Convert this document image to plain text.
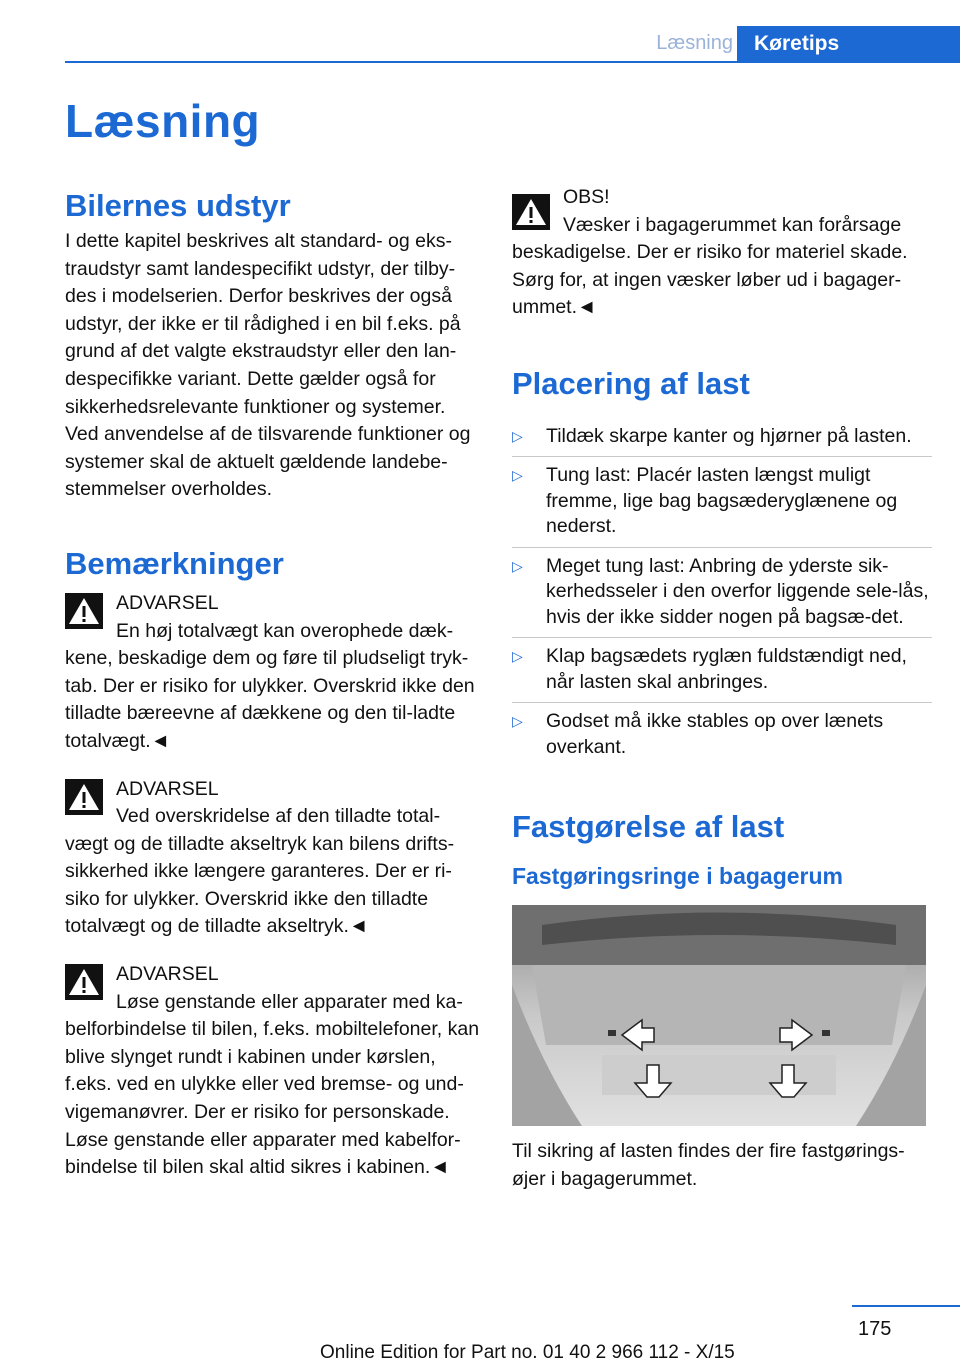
Læsning	Køretips
Læsning
Bilernes udstyr

I dette kapitel beskrives alt standard- og eks-traudstyr samt landespecifikt udstyr, der tilby-des i modelserien. Derfor beskrives der også udstyr, der ikke er til rådighed i en bil f.eks. på grund af det valgte ekstraudstyr eller den lan-despecifikke variant. Dette gælder også for sikkerhedsrelevante funktioner og systemer. Ved anvendelse af de tilsvarende funktioner og systemer skal de aktuelt gældende landebe-stemmelser overholdes.

Bemærkninger
ADVARSEL
En høj totalvægt kan overophede dæk-

kene, beskadige dem og føre til pludseligt tryk-tab. Der er risiko for ulykker. Overskrid ikke den tilladte bæreevne af dækkene og den til-ladte totalvægt.◄

ADVARSEL
Ved overskridelse af den tilladte total-

vægt og de tilladte akseltryk kan bilens drifts-sikkerhed ikke længere garanteres. Der er ri-siko for ulykker. Overskrid ikke den tilladte totalvægt og de tilladte akseltryk.◄

ADVARSEL
Løse genstande eller apparater med ka-

belforbindelse til bilen, f.eks. mobiltelefoner, kan blive slynget rundt i kabinen under kørslen, f.eks. ved en ulykke eller ved bremse- og und-vigemanøvrer. Der er risiko for personskade. Løse genstande eller apparater med kabelfor-bindelse til bilen skal altid sikres i kabinen.◄

OBS!
Væsker i bagagerummet kan forårsage

beskadigelse. Der er risiko for materiel skade. Sørg for, at ingen væsker løber ud i bagager-ummet.◄

Placering af last
▷ Tildæk skarpe kanter og hjørner på lasten.
▷ Tung last: Placér lasten længst muligt fremme, lige bag bagsæderyglænene og nederst.
▷ Meget tung last: Anbring de yderste sik-kerhedsseler i den overfor liggende sele-lås, hvis der ikke sidder nogen på bagsæ-det.
▷ Klap bagsædets ryglæn fuldstændigt ned, når lasten skal anbringes.
▷ Godset må ikke stables op over lænets overkant.
Fastgørelse af last
Fastgøringsringe i bagagerum

Til sikring af lasten findes der fire fastgørings-øjer i bagagerummet.

175
Online Edition for Part no. 01 40 2 966 112 - X/15
